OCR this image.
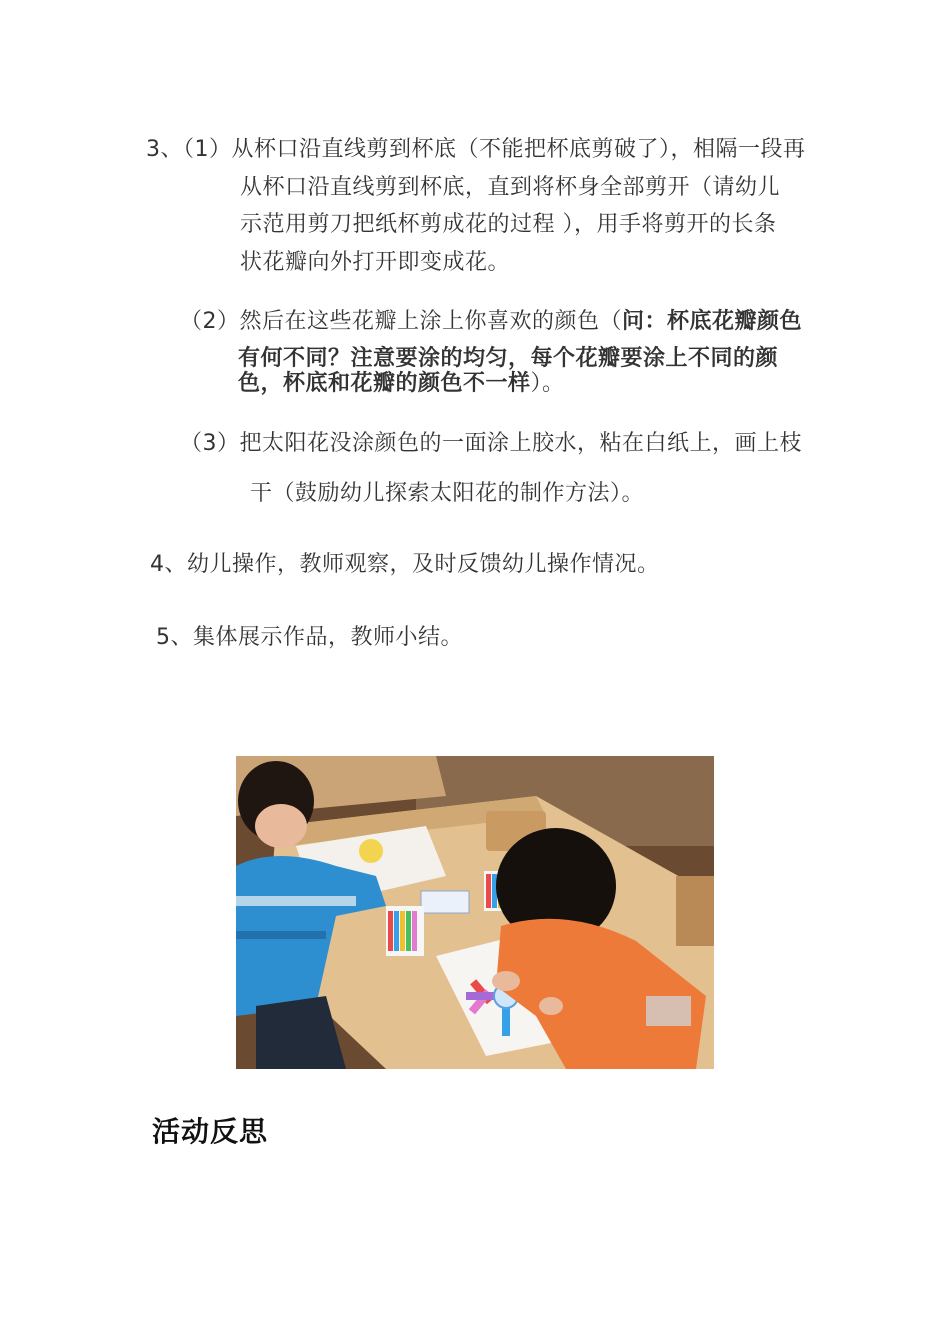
3、（1）从杯口沿直线剪到杯底（不能把杯底剪破了），相隔一段再
从杯口沿直线剪到杯底，直到将杯身全部剪开（请幼儿
示范用剪刀把纸杯剪成花的过程 ），用手将剪开的长条
状花瓣向外打开即变成花。
（2）然后在这些花瓣上涂上你喜欢的颜色（问：杯底花瓣颜色
有何不同？注意要涂的均匀，每个花瓣要涂上不同的颜
色，杯底和花瓣的颜色不一样）。
（3）把太阳花没涂颜色的一面涂上胶水，粘在白纸上，画上枝
干（鼓励幼儿探索太阳花的制作方法）。
4、幼儿操作，教师观察，及时反馈幼儿操作情况。
5、集体展示作品，教师小结。
活动反思
